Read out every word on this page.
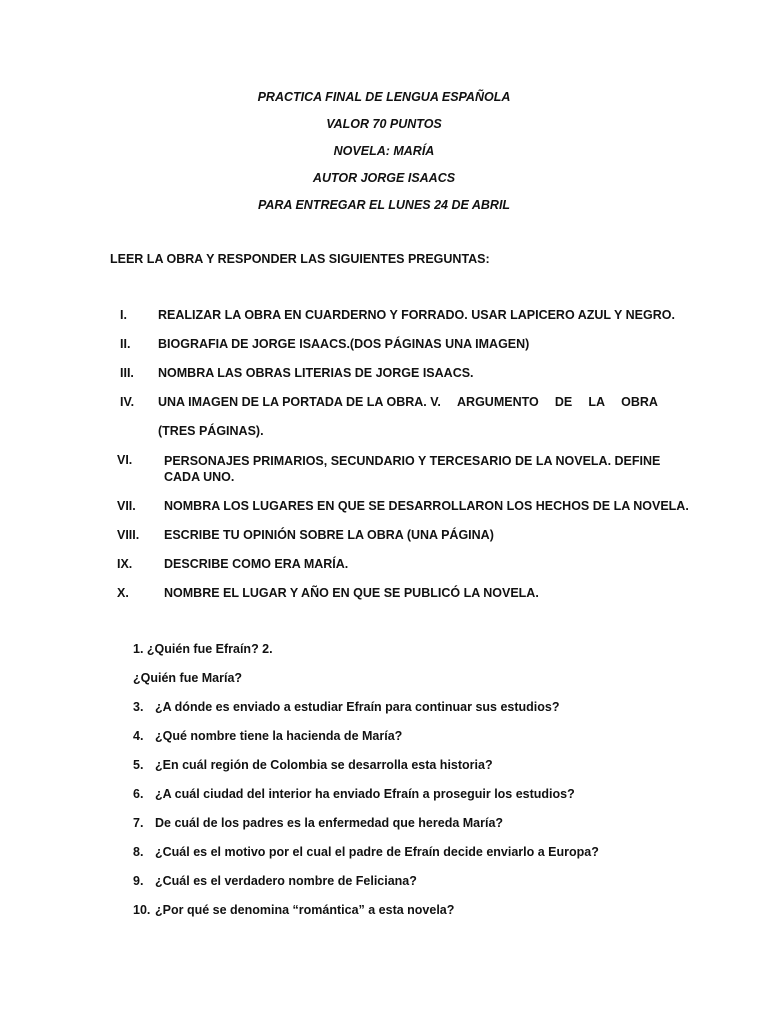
PRACTICA FINAL DE LENGUA ESPAÑOLA
VALOR 70 PUNTOS
NOVELA: MARÍA
AUTOR JORGE ISAACS
PARA ENTREGAR EL LUNES 24 DE ABRIL
LEER LA OBRA Y RESPONDER LAS SIGUIENTES PREGUNTAS:
I. REALIZAR LA OBRA EN CUARDERNO Y FORRADO. USAR LAPICERO AZUL Y NEGRO.
II. BIOGRAFIA DE JORGE ISAACS.(DOS PÁGINAS UNA IMAGEN)
III. NOMBRA LAS OBRAS LITERIAS DE JORGE ISAACS.
IV. UNA IMAGEN DE LA PORTADA DE LA OBRA. V. ARGUMENTO DE LA OBRA
(TRES PÁGINAS).
VI.	PERSONAJES PRIMARIOS, SECUNDARIO Y TERCESARIO DE LA NOVELA. DEFINE CADA UNO.
VII. NOMBRA LOS LUGARES EN QUE SE DESARROLLARON LOS HECHOS DE LA NOVELA.
VIII. ESCRIBE TU OPINIÓN SOBRE LA OBRA (UNA PÁGINA)
IX.	DESCRIBE COMO ERA MARÍA.
X.	NOMBRE EL LUGAR Y AÑO EN QUE SE PUBLICÓ LA NOVELA.
1. ¿Quién fue Efraín? 2.
¿Quién fue María?
3. ¿A dónde es enviado a estudiar Efraín para continuar sus estudios?
4. ¿Qué nombre tiene la hacienda de María?
5. ¿En cuál región de Colombia se desarrolla esta historia?
6. ¿A cuál ciudad del interior ha enviado Efraín a proseguir los estudios?
7. De cuál de los padres es la enfermedad que hereda María?
8. ¿Cuál es el motivo por el cual el padre de Efraín decide enviarlo a Europa?
9. ¿Cuál es el verdadero nombre de Feliciana?
10. ¿Por qué se denomina “romántica” a esta novela?
